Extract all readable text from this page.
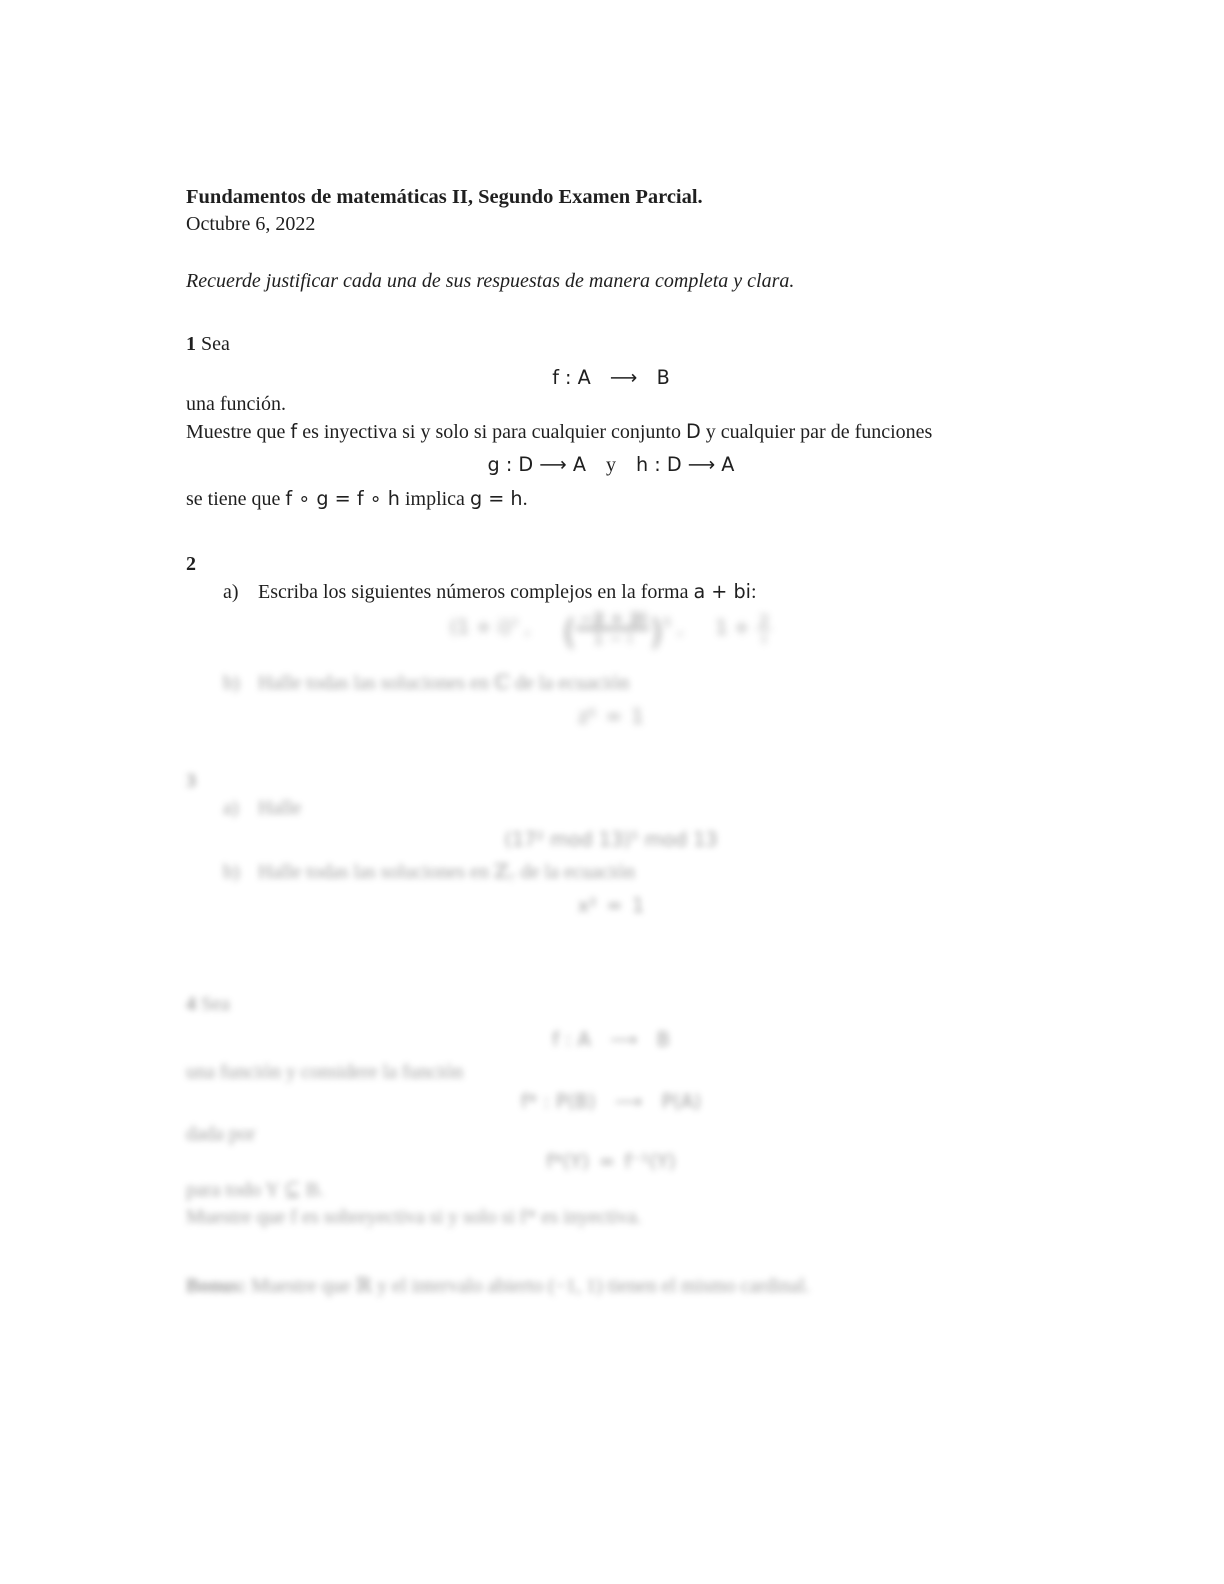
Fundamentos de matemáticas II, Segundo Examen Parcial.
Octubre 6, 2022
Recuerde justificar cada una de sus respuestas de manera completa y clara.
1 Sea
f : A ⟶ B
una función.
Muestre que f es inyectiva si y solo si para cualquier conjunto D y cualquier par de funciones
g : D ⟶ A y h : D ⟶ A
se tiene que f ∘ g = f ∘ h implica g = h.
2
a) Escriba los siguientes números complejos en la forma a + bi:
(1 + i)⁷ , ( $\frac{-2 + 2i}{1 - i} )^5$ , $1 + \frac{2}{i}$
b) Halle todas las soluciones en ℂ de la ecuación
z⁵ = 1
3
a) Halle
(17² mod 13)⁵ mod 13
b) Halle todas las soluciones en ℤ₇ de la ecuación
x² = 1
4 Sea
f : A ⟶ B
una función y considere la función
f* : P(B) ⟶ P(A)
dada por
f*(Y) = f⁻¹(Y)
para todo Y ⊆ B.
Muestre que f es sobreyectiva si y solo si f* es inyectiva.
Bonus: Muestre que ℝ y el intervalo abierto (−1, 1) tienen el mismo cardinal.
